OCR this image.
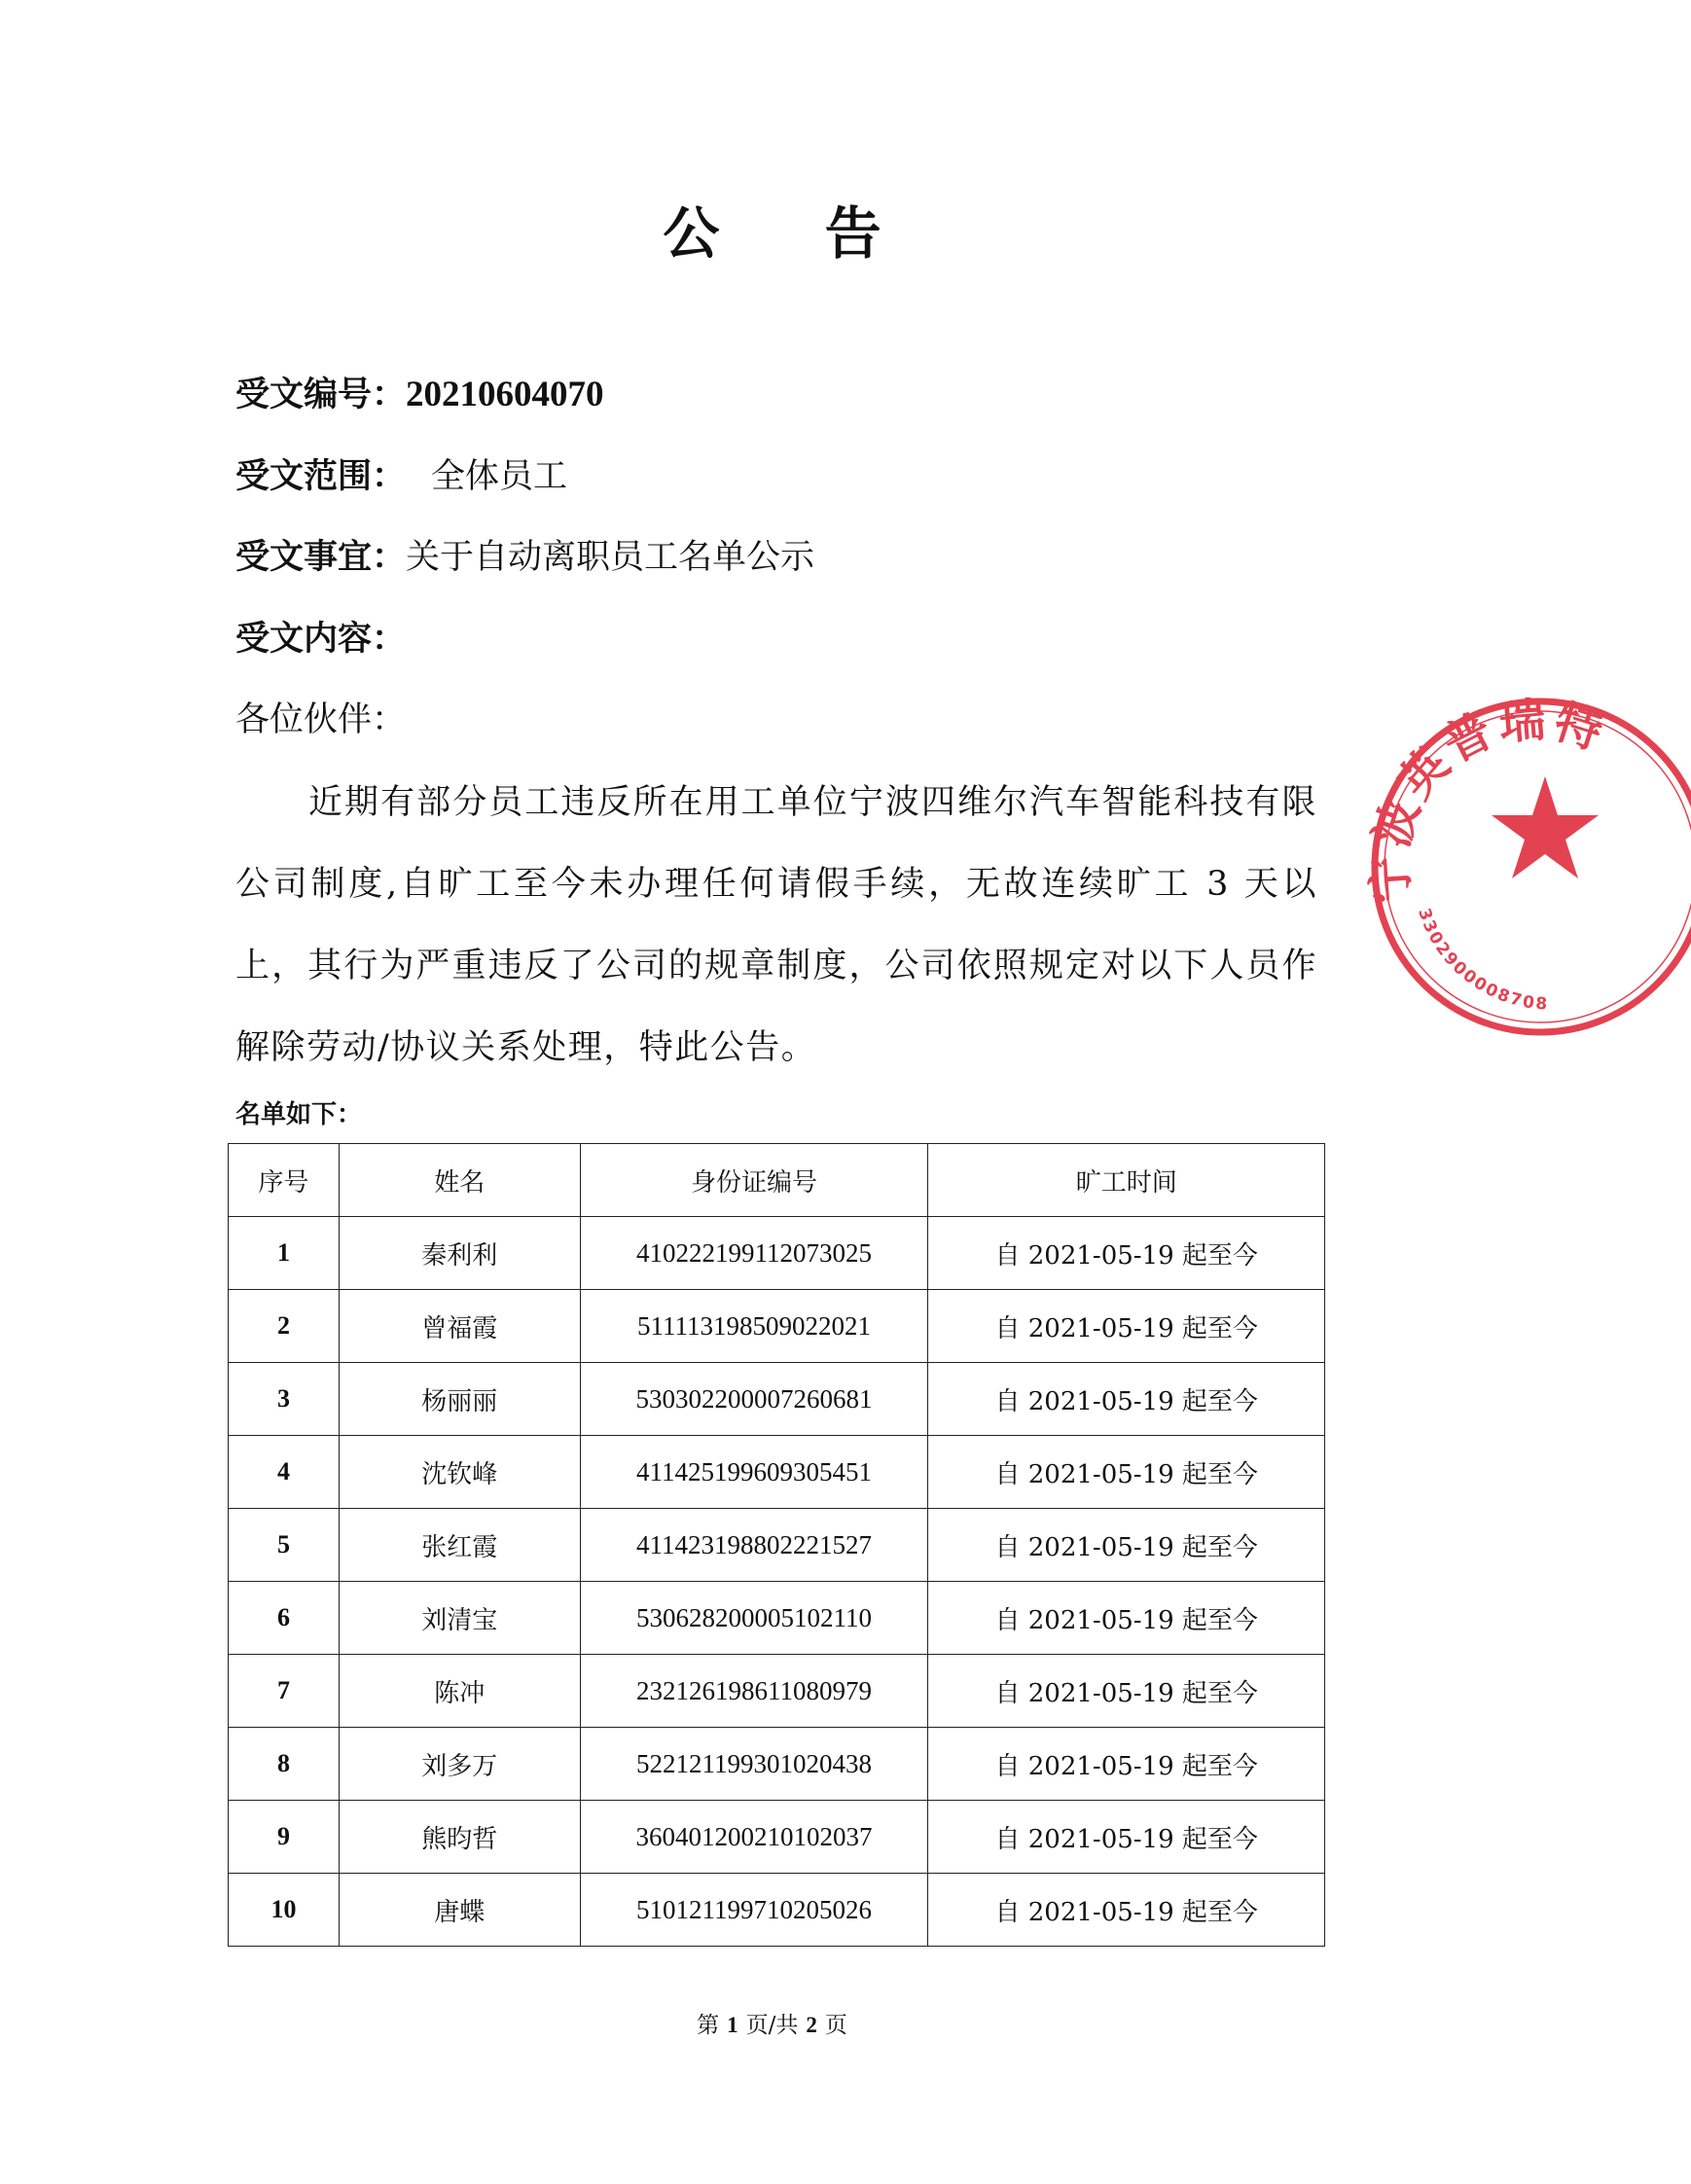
公 告
受文编号：20210604070
受文范围： 全体员工
受文事宜：关于自动离职员工名单公示
受文内容：
各位伙伴：

近期有部分员工违反所在用工单位宁波四维尔汽车智能科技有限公司制度,自旷工至今未办理任何请假手续，无故连续旷工 3 天以上，其行为严重违反了公司的规章制度，公司依照规定对以下人员作解除劳动/协议关系处理，特此公告。

名单如下：
序号	姓名	身份证编号	旷工时间
1	秦利利	410222199112073025	自 2021-05-19 起至今
2	曾福霞	511113198509022021	自 2021-05-19 起至今
3	杨丽丽	530302200007260681	自 2021-05-19 起至今
4	沈钦峰	411425199609305451	自 2021-05-19 起至今
5	张红霞	411423198802221527	自 2021-05-19 起至今
6	刘清宝	530628200005102110	自 2021-05-19 起至今
7	陈冲	232126198611080979	自 2021-05-19 起至今
8	刘多万	522121199301020438	自 2021-05-19 起至今
9	熊昀哲	360401200210102037	自 2021-05-19 起至今
10	唐蝶	510121199710205026	自 2021-05-19 起至今
第 1 页/共 2 页
宁波英普瑞特
3302900008708
